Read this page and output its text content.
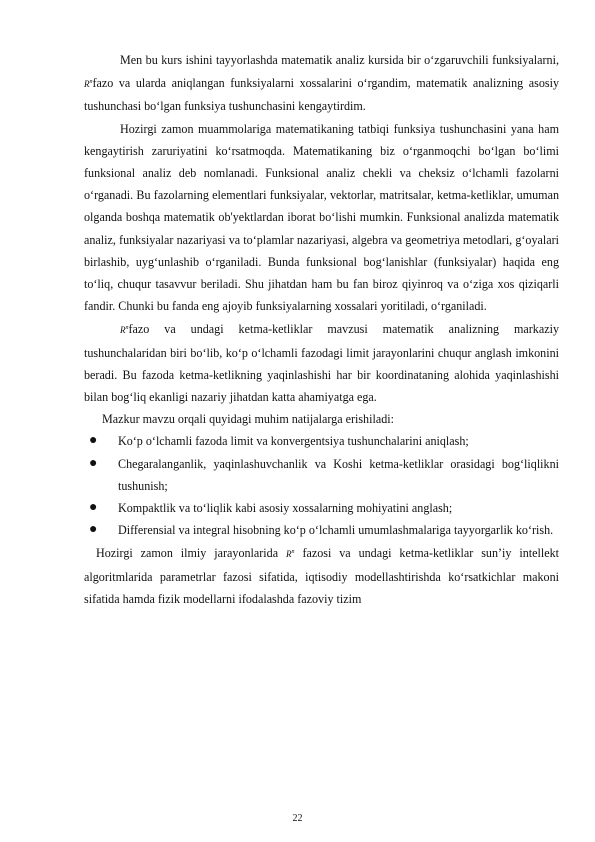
Men bu kurs ishini tayyorlashda matematik analiz kursida bir o‘zgaruvchili funksiyalarni, $R^nfazo$ va ularda aniqlangan funksiyalarni xossalarini o‘rgandim, matematik analizning asosiy tushunchasi bo‘lgan funksiya tushunchasini kengaytirdim.

Hozirgi zamon muammolariga matematikaning tatbiqi funksiya tushunchasini yana ham kengaytirish zaruriyatini ko‘rsatmoqda. Matematikaning biz o‘rganmoqchi bo‘lgan bo‘limi funksional analiz deb nomlanadi. Funksional analiz chekli va cheksiz o‘lchamli fazolarni o‘rganadi. Bu fazolarning elementlari funksiyalar, vektorlar, matritsalar, ketma-ketliklar, umuman olganda boshqa matematik ob'yektlardan iborat bo‘lishi mumkin. Funksional analizda matematik analiz, funksiyalar nazariyasi va to‘plamlar nazariyasi, algebra va geometriya metodlari, g‘oyalari birlashib, uyg‘unlashib o‘rganiladi. Bunda funksional bog‘lanishlar (funksiyalar) haqida eng to‘liq, chuqur tasavvur beriladi. Shu jihatdan ham bu fan biroz qiyinroq va o‘ziga xos qiziqarli fandir. Chunki bu fanda eng ajoyib funksiyalarning xossalari yoritiladi, o‘rganiladi.

$R^nfazo$ va undagi ketma-ketliklar mavzusi matematik analizning markaziy tushunchalaridan biri bo‘lib, ko‘p o‘lchamli fazodagi limit jarayonlarini chuqur anglash imkonini beradi. Bu fazoda ketma-ketlikning yaqinlashishi har bir koordinataning alohida yaqinlashishi bilan bog‘liq ekanligi nazariy jihatdan katta ahamiyatga ega.

Mazkur mavzu orqali quyidagi muhim natijalarga erishiladi:

● Ko‘p o‘lchamli fazoda limit va konvergentsiya tushunchalarini aniqlash;
● Chegaralanganlik, yaqinlashuvchanlik va Koshi ketma-ketliklar orasidagi bog‘liqlikni tushunish;
● Kompaktlik va to‘liqlik kabi asosiy xossalarning mohiyatini anglash;
● Differensial va integral hisobning ko‘p o‘lchamli umumlashmalariga tayyorgarlik ko‘rish.

Hozirgi zamon ilmiy jarayonlarida $R^n$ fazosi va undagi ketma-ketliklar sun’iy intellekt algoritmlarida parametrlar fazosi sifatida, iqtisodiy modellashtirishda ko‘rsatkichlar makoni sifatida hamda fizik modellarni ifodalashda fazoviy tizim

22
